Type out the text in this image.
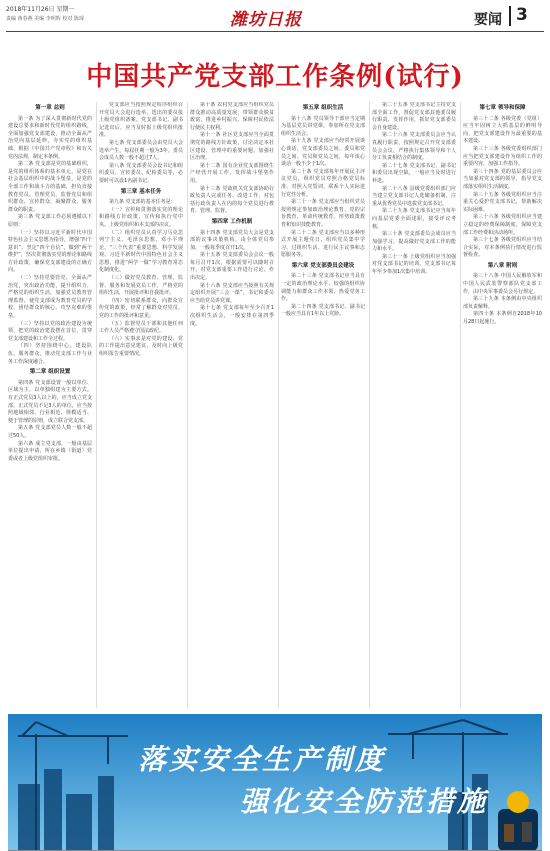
2018年11月26日 星期一
责编 蒋春燕 美编 李明辉 校对 陈琛	潍坊日报	要闻 3
中国共产党支部工作条例(试行)

第一章 总则

第一条 为了深入贯彻新时代党的建设总要求和新时代党的组织路线，全面加强党支部建设，推动全面从严治党向基层延伸，夯实党的组织基础，根据《中国共产党章程》和有关党内法规，制定本条例。

第二条 党支部是党的基础组织，是党的组织体系的基本单元，是党在社会基层组织中的战斗堡垒，是党的全部工作和战斗力的基础，担负直接教育党员、管理党员、监督党员和组织群众、宣传群众、凝聚群众、服务群众的职责。

第三条 党支部工作必须遵循以下原则：

（一）坚持以习近平新时代中国特色社会主义思想为指导，增强“四个意识”，坚定“四个自信”，做到“两个维护”，坚决贯彻落实党的理论和路线方针政策，确保党支部建设的正确方向。

（二）坚持党要管党、全面从严治党，突出政治功能，提升组织力，严格党的组织生活，加强党员教育管理监督，使党支部成为教育党员的学校、团结群众的核心、攻坚克难的堡垒。

（三）坚持以党的政治建设为统领，把党的政治建设摆在首位，贯穿党支部建设和工作全过程。

（四）坚持围绕中心、建设队伍、服务群众，推动党支部工作与业务工作深度融合。

第二章 组织设置

第四条 党支部设置一般以单位、区域为主，以单独组建为主要方式。有正式党员3人以上的，应当成立党支部。正式党员不足3人的单位，应当按照地域相邻、行业相近、规模适当、便于管理的原则，成立联合党支部。

第五条 党支部党员人数一般不超过50人。

第六条 成立党支部，一般由基层单位提出申请，所在乡镇（街道）党委或者上级党组织审批。

党支部应当按照规定程序组织召开党员大会进行选举，选出的委员报上级党组织备案。党支部书记、副书记选出后，应当及时报上级党组织批准。

第七条 党支部委员会由党员大会选举产生，每届任期一般为3年。委员会成员人数一般不超过7人。

第八条 党支部委员会设书记和组织委员、宣传委员、纪检委员等，必要时可以设1名副书记。

第三章 基本任务

第九条 党支部的基本任务是：

（一）宣传和贯彻落实党的理论和路线方针政策，宣传和执行党中央、上级党组织和本支部的决议。

（二）组织党员认真学习马克思列宁主义、毛泽东思想、邓小平理论、“三个代表”重要思想、科学发展观、习近平新时代中国特色社会主义思想，推进“两学一做”学习教育常态化制度化。

（三）做好党员教育、管理、监督、服务和发展党员工作，严格党的组织生活，开展批评和自我批评。

（四）密切联系群众，向群众宣传党的政策，经常了解群众对党员、党的工作的批评和意见。

（五）监督党员干部和其他任何工作人员严格遵守国法政纪。

（六）实事求是对党的建设、党的工作提出意见建议，及时向上级党组织报告重要情况。

第十条 农村党支部应当组织党员群众推动高质量发展，带领群众脱贫致富，推进乡村振兴，保障村民依法行使民主权利。

第十一条 社区党支部应当全面贯彻党的路线方针政策，讨论决定本社区建设、管理中的重要问题，加强社区治理。

第十二条 国有企业党支部围绕生产经营开展工作，发挥战斗堡垒作用。

第十三条 党政机关党支部协助行政负责人完成任务、改进工作，对包括行政负责人在内的每个党员进行教育、管理、监督。

第四章 工作机制

第十四条 党支部党员大会是党支部的议事决策机构，由全体党员参加，一般每季度召开1次。

第十五条 党支部委员会会议一般每月召开1次，根据需要可以随时召开，对党支部重要工作进行讨论、作出决定。

第十六条 党支部应当按照有关规定组织开展“三会一课”，书记和委员应当给党员讲党课。

第十七条 党支部每年至少召开1次组织生活会，一般安排在第四季度。

第五章 组织生活

第十八条 党员领导干部应当定期为基层党员讲党课，参加所在党支部组织生活会。

第十九条 党支部应当经常开展谈心谈话，党支部委员之间、委员和党员之间、党员和党员之间，每年谈心谈话一般不少于1次。

第二十条 党支部每年开展民主评议党员，组织党员对照合格党员标准、对照入党誓词，联系个人实际进行党性分析。

第二十一条 党支部应当组织党员按照规定参加政治理论教育、党的宗旨教育、革命传统教育、形势政策教育和知识技能教育。

第二十二条 党支部应当以多种形式开展主题党日，组织党员集中学习、过组织生活、进行民主议事和志愿服务等。

第六章 党支部委员会建设

第二十三条 党支部书记应当具有一定的政治理论水平、较强的组织协调能力和群众工作本领，热爱党务工作。

第二十四条 党支部书记、副书记一般应当具有1年以上党龄。

第二十五条 党支部书记主持党支部全面工作，督促党支部其他委员履行职责、发挥作用，抓好党支部委员会自身建设。

第二十六条 党支部委员会应当认真履行职责，按照规定召开党支部委员会会议，严格执行集体领导和个人分工负责相结合的制度。

第二十七条 党支部书记、副书记和委员出现空缺，一般应当及时进行补选。

第二十八条 县级党委组织部门应当建立党支部书记人选储备机制，注重从优秀党员中选拔党支部书记。

第二十九条 党支部书记应当每年向基层党委全面述职，接受评议考核。

第三十条 党支部委员会成员应当加强学习，提高做好党支部工作的能力和水平。

第三十一条 上级党组织应当加强对党支部书记的培训，党支部书记每年至少参加1次集中培训。

第七章 领导和保障

第三十二条 各级党委（党组）应当牢固树立大抓基层的鲜明导向，把党支部建设作为最重要的基本建设。

第三十三条 各级党委组织部门应当把党支部建设作为组织工作的重要内容，加强工作指导。

第三十四条 党的基层委员会应当加强对党支部的领导，指导党支部落实组织生活制度。

第三十五条 各级党组织应当注重关心爱护党支部书记，帮助解决实际困难。

第三十六条 各级党组织应当建立稳定的经费保障制度，保障党支部工作经费和活动场所。

第三十七条 各级党组织应当结合实际，对本条例执行情况进行监督检查。

第八章 附则

第三十八条 中国人民解放军和中国人民武装警察部队党支部工作，由中央军事委员会另行规定。

第三十九条 本条例由中央组织部负责解释。

第四十条 本条例自2018年10月28日起施行。

落实安全生产制度
强化安全防范措施
